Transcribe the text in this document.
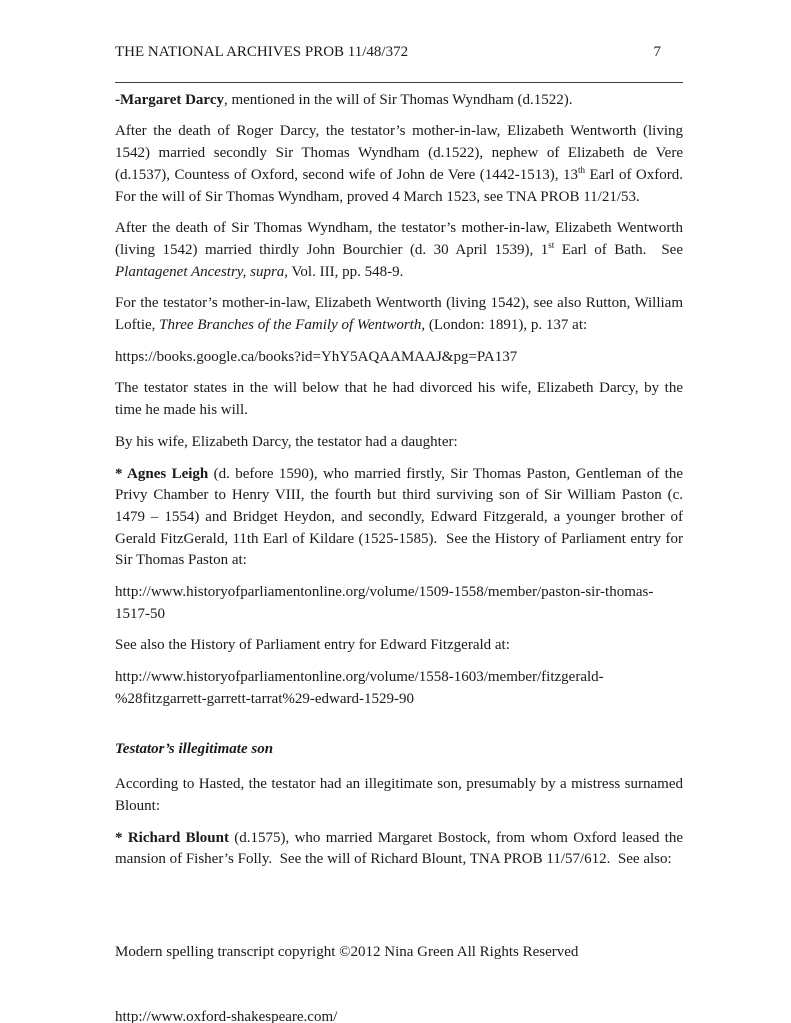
THE NATIONAL ARCHIVES PROB 11/48/372	7

-Margaret Darcy, mentioned in the will of Sir Thomas Wyndham (d.1522).

After the death of Roger Darcy, the testator’s mother-in-law, Elizabeth Wentworth (living 1542) married secondly Sir Thomas Wyndham (d.1522), nephew of Elizabeth de Vere (d.1537), Countess of Oxford, second wife of John de Vere (1442-1513), 13th Earl of Oxford.  For the will of Sir Thomas Wyndham, proved 4 March 1523, see TNA PROB 11/21/53.

After the death of Sir Thomas Wyndham, the testator’s mother-in-law, Elizabeth Wentworth (living 1542) married thirdly John Bourchier (d. 30 April 1539), 1st Earl of Bath.  See Plantagenet Ancestry, supra, Vol. III, pp. 548-9.

For the testator’s mother-in-law, Elizabeth Wentworth (living 1542), see also Rutton, William Loftie, Three Branches of the Family of Wentworth, (London: 1891), p. 137 at:

https://books.google.ca/books?id=YhY5AQAAMAAJ&pg=PA137

The testator states in the will below that he had divorced his wife, Elizabeth Darcy, by the time he made his will.

By his wife, Elizabeth Darcy, the testator had a daughter:

* Agnes Leigh (d. before 1590), who married firstly, Sir Thomas Paston, Gentleman of the Privy Chamber to Henry VIII, the fourth but third surviving son of Sir William Paston (c. 1479 – 1554) and Bridget Heydon, and secondly, Edward Fitzgerald, a younger brother of Gerald FitzGerald, 11th Earl of Kildare (1525-1585).  See the History of Parliament entry for Sir Thomas Paston at:

http://www.historyofparliamentonline.org/volume/1509-1558/member/paston-sir-thomas-
1517-50

See also the History of Parliament entry for Edward Fitzgerald at:

http://www.historyofparliamentonline.org/volume/1558-1603/member/fitzgerald-
%28fitzgarrett-garrett-tarrat%29-edward-1529-90

Testator’s illegitimate son

According to Hasted, the testator had an illegitimate son, presumably by a mistress surnamed Blount:

* Richard Blount (d.1575), who married Margaret Bostock, from whom Oxford leased the mansion of Fisher’s Folly.  See the will of Richard Blount, TNA PROB 11/57/612.  See also:

Modern spelling transcript copyright ©2012 Nina Green All Rights Reserved

http://www.oxford-shakespeare.com/
